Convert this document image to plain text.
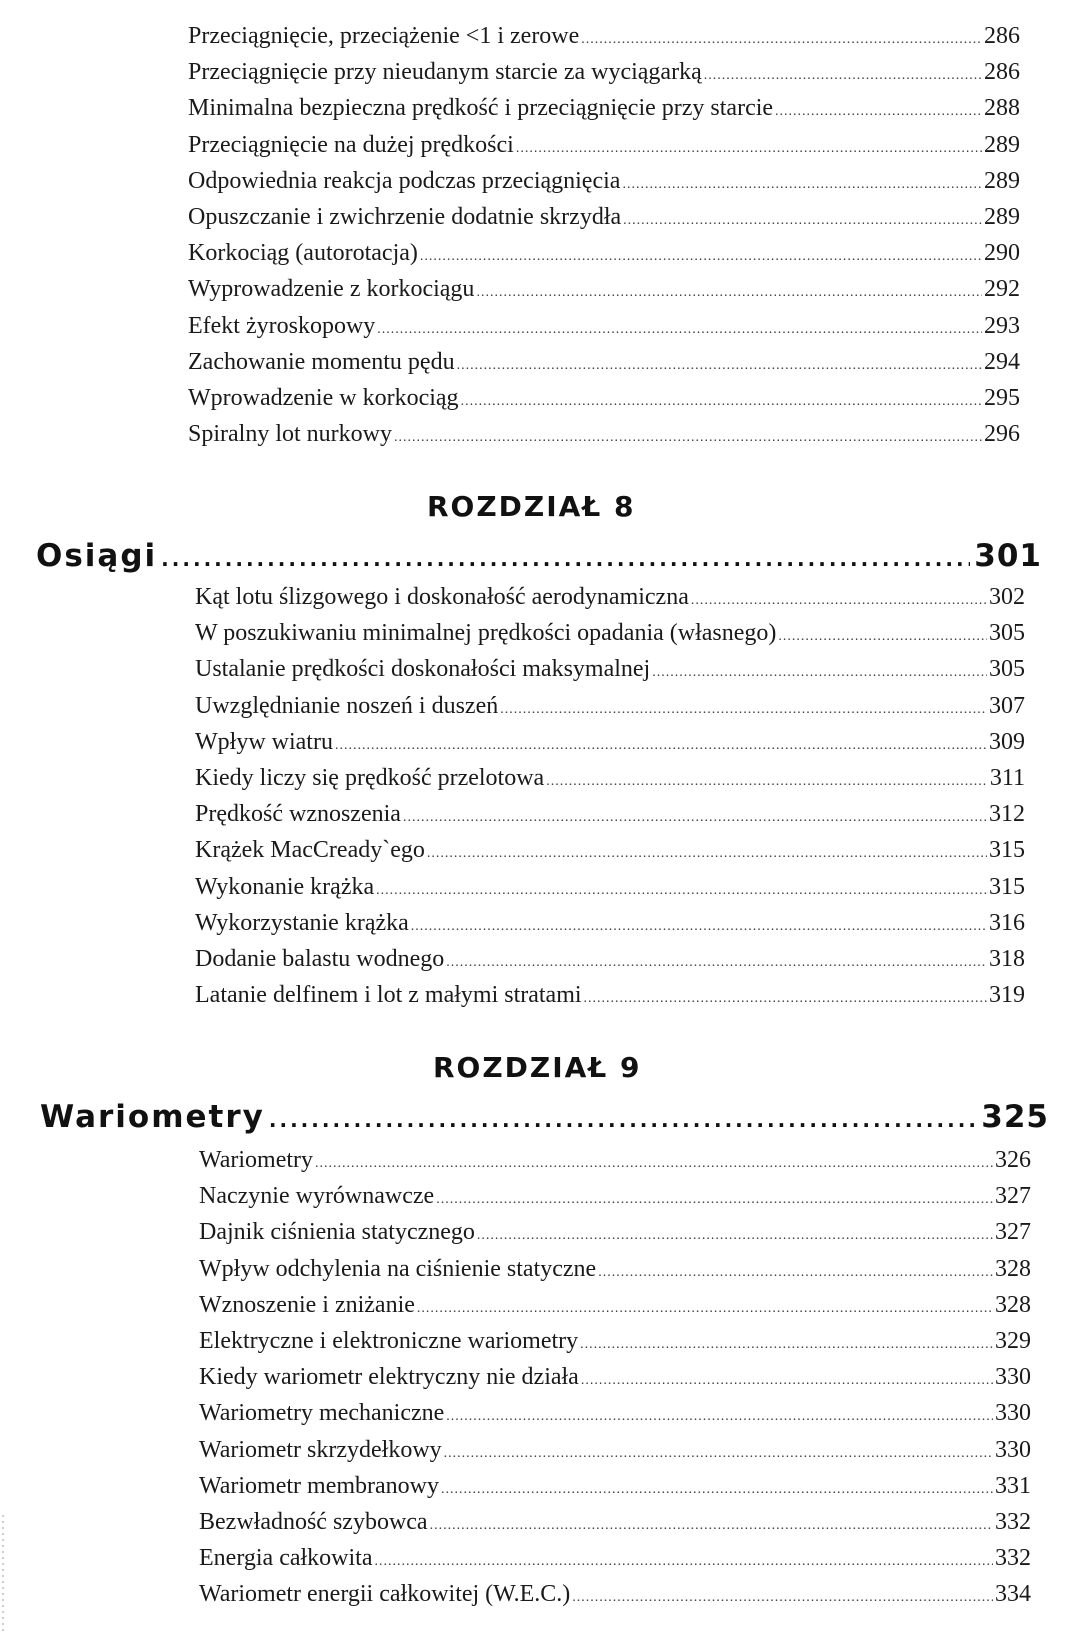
Przeciągnięcie, przeciążenie <1 i zerowe .....	286
Przeciągnięcie przy nieudanym starcie za wyciągarką .....	286
Minimalna bezpieczna prędkość i przeciągnięcie przy starcie .....	288
Przeciągnięcie na dużej prędkości .....	289
Odpowiednia reakcja podczas przeciągnięcia .....	289
Opuszczanie i zwichrzenie dodatnie skrzydła .....	289
Korkociąg (autorotacja) .....	290
Wyprowadzenie z korkociągu .....	292
Efekt żyroskopowy .....	293
Zachowanie momentu pędu .....	294
Wprowadzenie w korkociąg .....	295
Spiralny lot nurkowy .....	296
ROZDZIAŁ 8
Osiągi .....	301
Kąt lotu ślizgowego i doskonałość aerodynamiczna .....	302
W poszukiwaniu minimalnej prędkości opadania (własnego) .....	305
Ustalanie prędkości doskonałości maksymalnej .....	305
Uwzględnianie noszeń i duszeń .....	307
Wpływ wiatru .....	309
Kiedy liczy się prędkość przelotowa .....	311
Prędkość wznoszenia .....	312
Krążek MacCready`ego .....	315
Wykonanie krążka .....	315
Wykorzystanie krążka .....	316
Dodanie balastu wodnego .....	318
Latanie delfinem i lot z małymi stratami .....	319
ROZDZIAŁ 9
Wariometry .....	325
Wariometry .....	326
Naczynie wyrównawcze .....	327
Dajnik ciśnienia statycznego .....	327
Wpływ odchylenia na ciśnienie statyczne .....	328
Wznoszenie i zniżanie .....	328
Elektryczne i elektroniczne wariometry .....	329
Kiedy wariometr elektryczny nie działa .....	330
Wariometry mechaniczne .....	330
Wariometr skrzydełkowy .....	330
Wariometr membranowy .....	331
Bezwładność szybowca .....	332
Energia całkowita .....	332
Wariometr energii całkowitej (W.E.C.) .....	334
